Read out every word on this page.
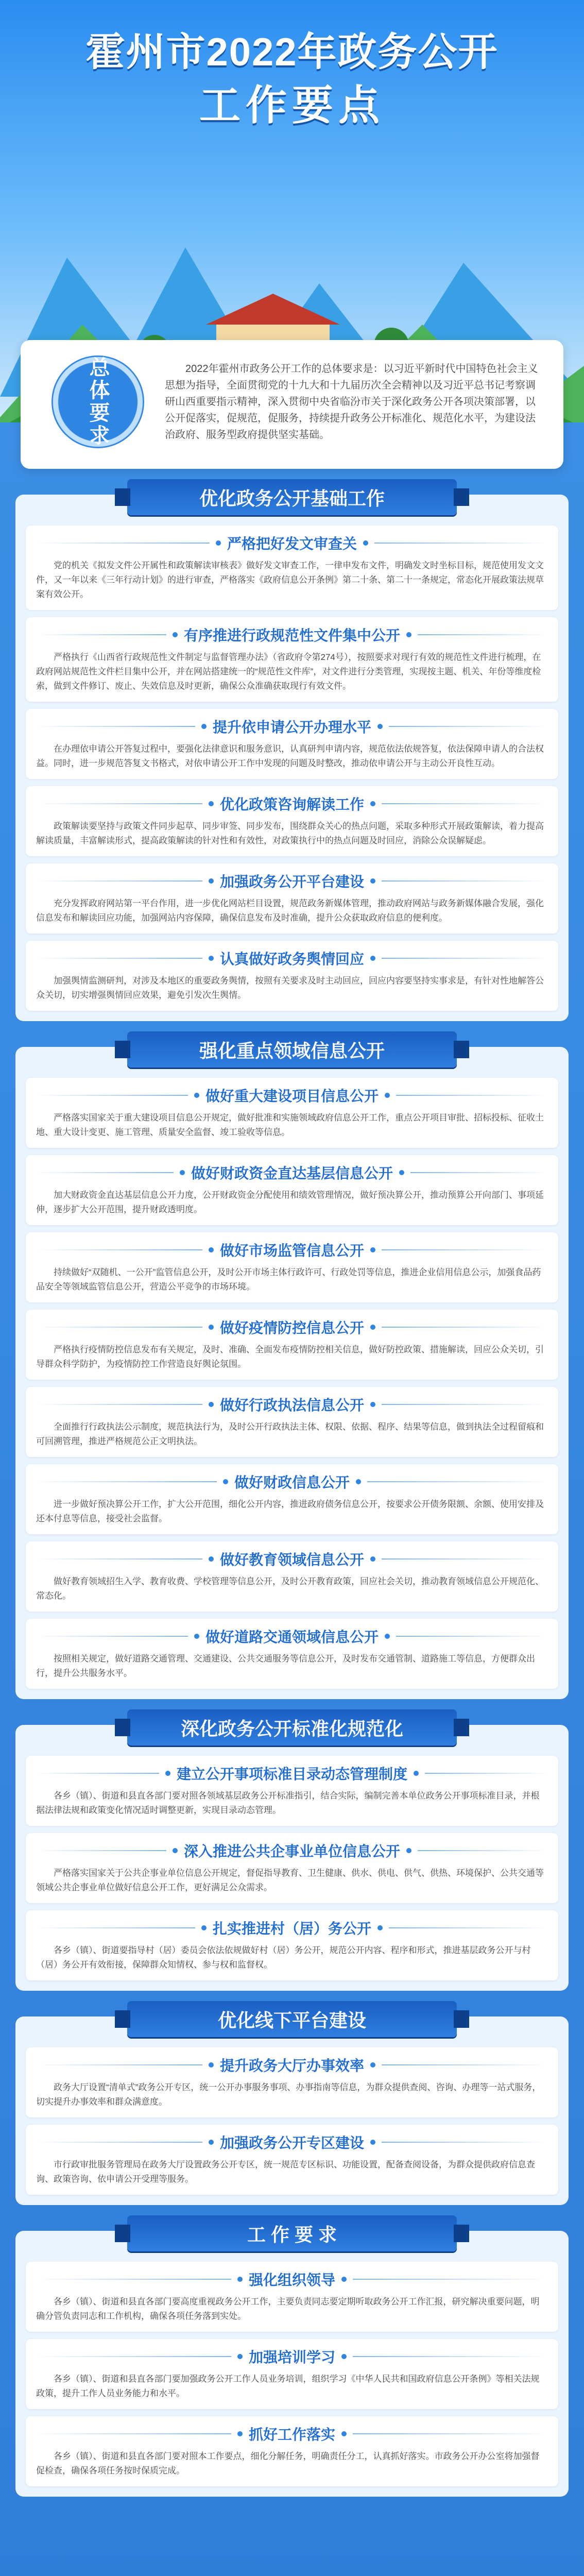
霍州市2022年政务公开
工作要点
总体要求	2022年霍州市政务公开工作的总体要求是：以习近平新时代中国特色社会主义思想为指导，全面贯彻党的十九大和十九届历次全会精神以及习近平总书记考察调研山西重要指示精神，深入贯彻中央省临汾市关于深化政务公开各项决策部署，以公开促落实，促规范，促服务，持续提升政务公开标准化、规范化水平，为建设法治政府、服务型政府提供坚实基础。
优化政务公开基础工作
严格把好发文审查关
党的机关《拟发文件公开属性和政策解读审核表》做好发文审查工作，一律申发布文件，明确发文时坐标目标，规范使用发文文件，又一年以来《三年行动计划》的进行审查，严格落实《政府信息公开条例》第二十条、第二十一条规定，常态化开展政策法规草案有效公开。
有序推进行政规范性文件集中公开
严格执行《山西省行政规范性文件制定与监督管理办法》（省政府令第274号），按照要求对现行有效的规范性文件进行梳理，在政府网站规范性文件栏目集中公开，并在网站搭建统一的“规范性文件库”，对文件进行分类管理，实现按主题、机关、年份等维度检索，做到文件修订、废止、失效信息及时更新，确保公众准确获取现行有效文件。
提升依申请公开办理水平
在办理依申请公开答复过程中，要强化法律意识和服务意识，认真研判申请内容，规范依法依规答复，依法保障申请人的合法权益。同时，进一步规范答复文书格式，对依申请公开工作中发现的问题及时整改，推动依申请公开与主动公开良性互动。
优化政策咨询解读工作
政策解读要坚持与政策文件同步起草、同步审签、同步发布，围绕群众关心的热点问题，采取多种形式开展政策解读，着力提高解读质量，丰富解读形式，提高政策解读的针对性和有效性，对政策执行中的热点问题及时回应，消除公众误解疑虑。
加强政务公开平台建设
充分发挥政府网站第一平台作用，进一步优化网站栏目设置，规范政务新媒体管理，推动政府网站与政务新媒体融合发展，强化信息发布和解读回应功能，加强网站内容保障，确保信息发布及时准确，提升公众获取政府信息的便利度。
认真做好政务舆情回应
加强舆情监测研判，对涉及本地区的重要政务舆情，按照有关要求及时主动回应，回应内容要坚持实事求是，有针对性地解答公众关切，切实增强舆情回应效果，避免引发次生舆情。
强化重点领域信息公开
做好重大建设项目信息公开
严格落实国家关于重大建设项目信息公开规定，做好批准和实施领域政府信息公开工作，重点公开项目审批、招标投标、征收土地、重大设计变更、施工管理、质量安全监督、竣工验收等信息。
做好财政资金直达基层信息公开
加大财政资金直达基层信息公开力度，公开财政资金分配使用和绩效管理情况，做好预决算公开，推动预算公开向部门、事项延伸，逐步扩大公开范围，提升财政透明度。
做好市场监管信息公开
持续做好“双随机、一公开”监管信息公开，及时公开市场主体行政许可、行政处罚等信息，推进企业信用信息公示，加强食品药品安全等领域监管信息公开，营造公平竞争的市场环境。
做好疫情防控信息公开
严格执行疫情防控信息发布有关规定，及时、准确、全面发布疫情防控相关信息，做好防控政策、措施解读，回应公众关切，引导群众科学防护，为疫情防控工作营造良好舆论氛围。
做好行政执法信息公开
全面推行行政执法公示制度，规范执法行为，及时公开行政执法主体、权限、依据、程序、结果等信息，做到执法全过程留痕和可回溯管理，推进严格规范公正文明执法。
做好财政信息公开
进一步做好预决算公开工作，扩大公开范围，细化公开内容，推进政府债务信息公开，按要求公开债务限额、余额、使用安排及还本付息等信息，接受社会监督。
做好教育领域信息公开
做好教育领域招生入学、教育收费、学校管理等信息公开，及时公开教育政策，回应社会关切，推动教育领域信息公开规范化、常态化。
做好道路交通领域信息公开
按照相关规定，做好道路交通管理、交通建设、公共交通服务等信息公开，及时发布交通管制、道路施工等信息，方便群众出行，提升公共服务水平。
深化政务公开标准化规范化
建立公开事项标准目录动态管理制度
各乡（镇）、街道和县直各部门要对照各领域基层政务公开标准指引，结合实际，编制完善本单位政务公开事项标准目录，并根据法律法规和政策变化情况适时调整更新，实现目录动态管理。
深入推进公共企事业单位信息公开
严格落实国家关于公共企事业单位信息公开规定，督促指导教育、卫生健康、供水、供电、供气、供热、环境保护、公共交通等领域公共企事业单位做好信息公开工作，更好满足公众需求。
扎实推进村（居）务公开
各乡（镇）、街道要指导村（居）委员会依法依规做好村（居）务公开，规范公开内容、程序和形式，推进基层政务公开与村（居）务公开有效衔接，保障群众知情权、参与权和监督权。
优化线下平台建设
提升政务大厅办事效率
政务大厅设置“清单式”政务公开专区，统一公开办事服务事项、办事指南等信息，为群众提供查阅、咨询、办理等一站式服务，切实提升办事效率和群众满意度。
加强政务公开专区建设
市行政审批服务管理局在政务大厅设置政务公开专区，统一规范专区标识、功能设置，配备查阅设备，为群众提供政府信息查询、政策咨询、依申请公开受理等服务。
工 作 要 求
强化组织领导
各乡（镇）、街道和县直各部门要高度重视政务公开工作，主要负责同志要定期听取政务公开工作汇报，研究解决重要问题，明确分管负责同志和工作机构，确保各项任务落到实处。
加强培训学习
各乡（镇）、街道和县直各部门要加强政务公开工作人员业务培训，组织学习《中华人民共和国政府信息公开条例》等相关法规政策，提升工作人员业务能力和水平。
抓好工作落实
各乡（镇）、街道和县直各部门要对照本工作要点，细化分解任务，明确责任分工，认真抓好落实。市政务公开办公室将加强督促检查，确保各项任务按时保质完成。
